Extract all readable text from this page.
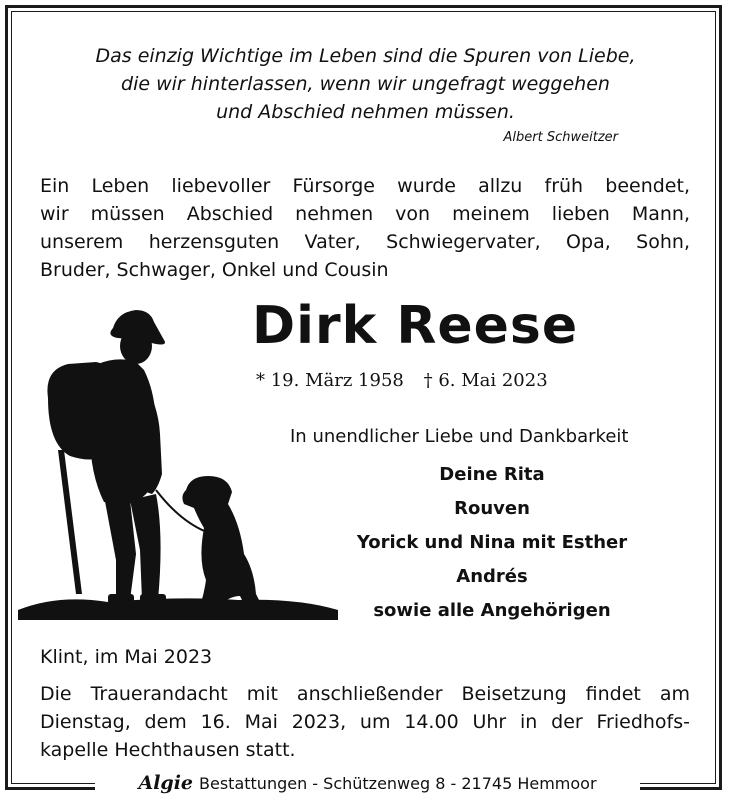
Das einzig Wichtige im Leben sind die Spuren von Liebe,
die wir hinterlassen, wenn wir ungefragt weggehen
und Abschied nehmen müssen.
Albert Schweitzer
Ein Leben liebevoller Fürsorge wurde allzu früh beendet,
wir müssen Abschied nehmen von meinem lieben Mann,
unserem herzensguten Vater, Schwiegervater, Opa, Sohn,
Bruder, Schwager, Onkel und Cousin
Dirk Reese
* 19. März 1958 † 6. Mai 2023
In unendlicher Liebe und Dankbarkeit
Deine Rita
Rouven
Yorick und Nina mit Esther
Andrés
sowie alle Angehörigen
Klint, im Mai 2023
Die Trauerandacht mit anschließender Beisetzung findet am
Dienstag, dem 16. Mai 2023, um 14.00 Uhr in der Friedhofs-
kapelle Hechthausen statt.
Algie Bestattungen - Schützenweg 8 - 21745 Hemmoor
